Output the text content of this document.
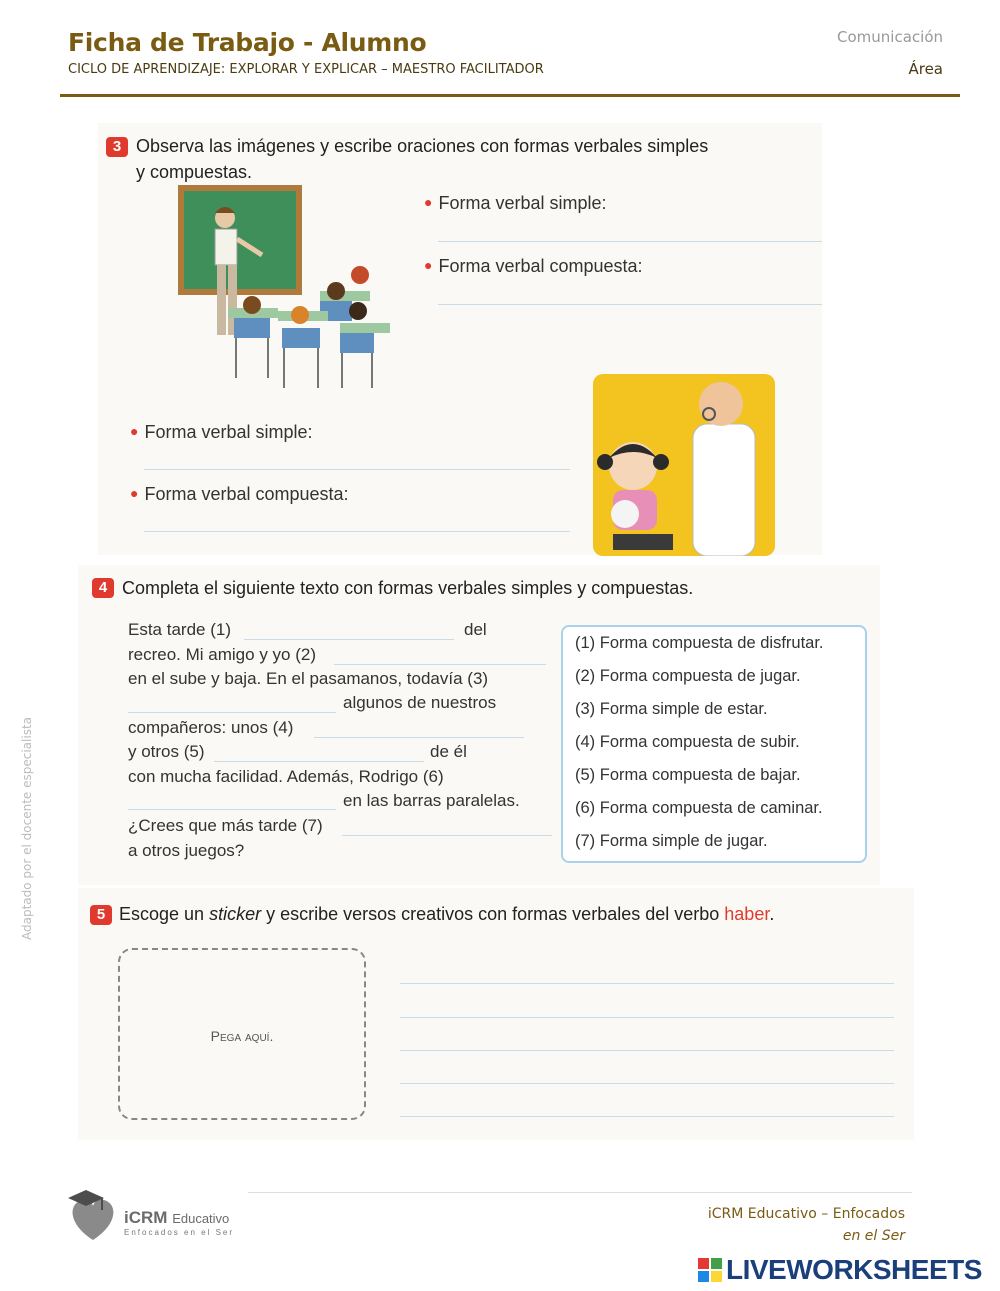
Ficha de Trabajo - Alumno
CICLO DE APRENDIZAJE: EXPLORAR Y EXPLICAR – MAESTRO FACILITADOR
Comunicación
Área
Adaptado por el docente especialista
3 Observa las imágenes y escribe oraciones con formas verbales simples
y compuestas.
● Forma verbal simple:
● Forma verbal compuesta:
● Forma verbal simple:
● Forma verbal compuesta:
4 Completa el siguiente texto con formas verbales simples y compuestas.
Esta tarde (1)	del
recreo. Mi amigo y yo (2)
en el sube y baja. En el pasamanos, todavía (3)
algunos de nuestros
compañeros: unos (4)
y otros (5)	de él
con mucha facilidad. Además, Rodrigo (6)
en las barras paralelas.
¿Crees que más tarde (7)
a otros juegos?
(1) Forma compuesta de disfrutar.
(2) Forma compuesta de jugar.
(3) Forma simple de estar.
(4) Forma compuesta de subir.
(5) Forma compuesta de bajar.
(6) Forma compuesta de caminar.
(7) Forma simple de jugar.
5 Escoge un sticker y escribe versos creativos con formas verbales del verbo haber.
Pega aquí.
iCRM Educativo
Enfocados en el Ser
iCRM Educativo – Enfocados
en el Ser
LIVEWORKSHEETS
